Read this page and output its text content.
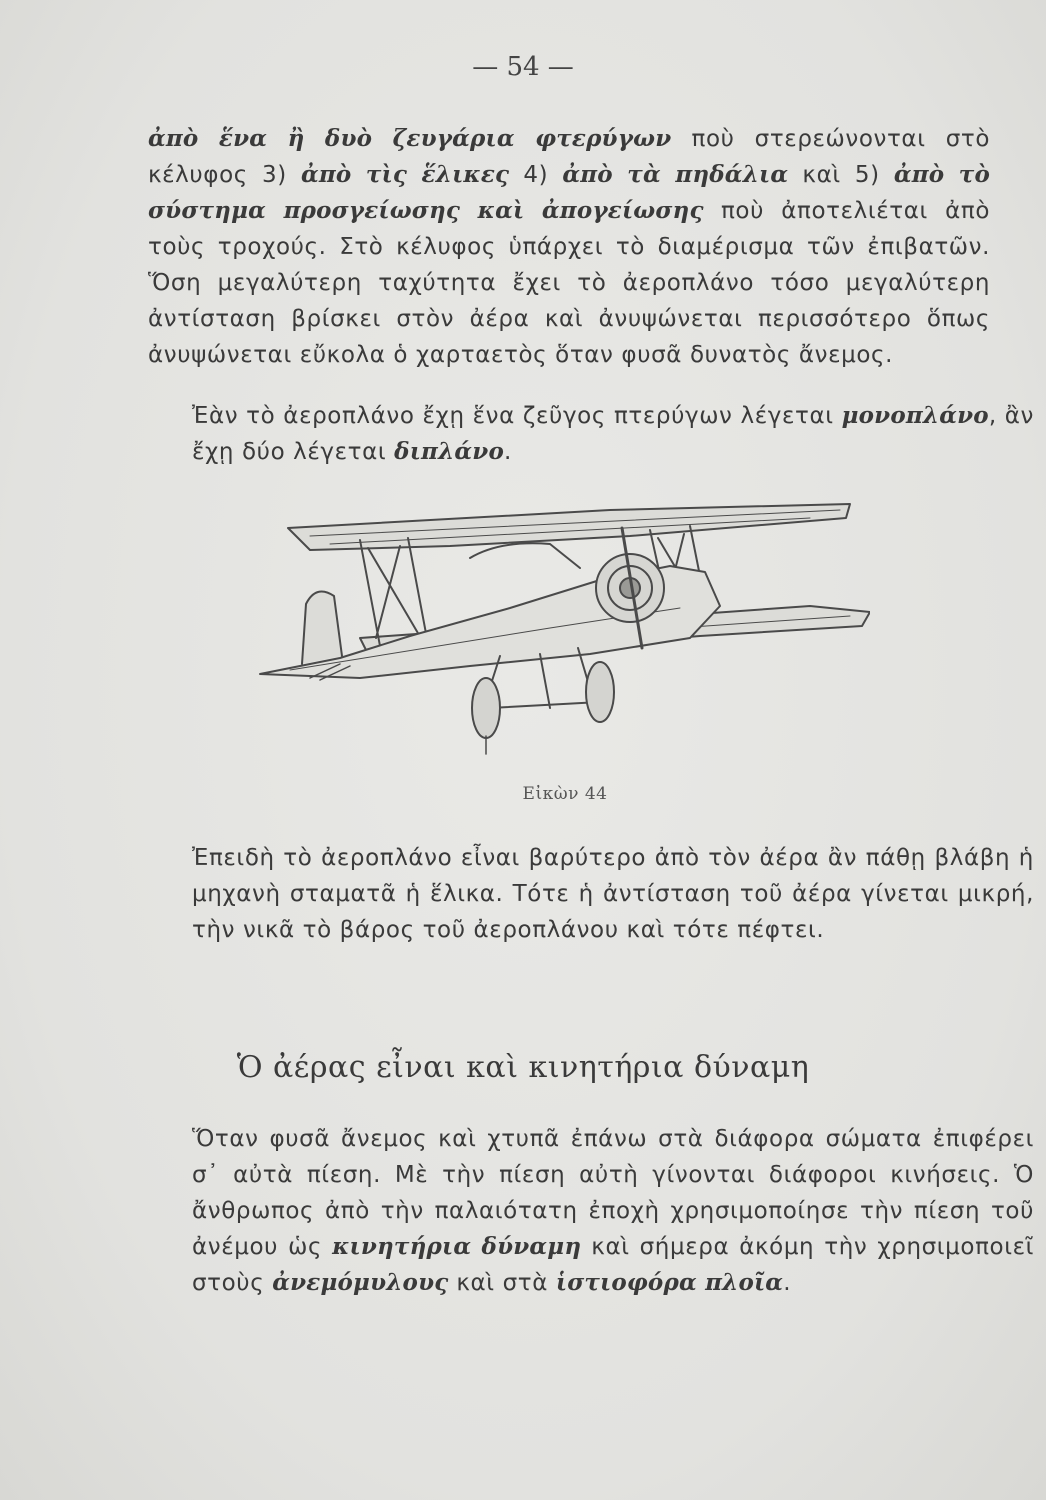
— 54 —

ἀπὸ ἕνα ἢ δυὸ ζευγάρια φτερύγων ποὺ στερεώνονται στὸ κέλυφος 3) ἀπὸ τὶς ἕλικες 4) ἀπὸ τὰ πηδάλια καὶ 5) ἀπὸ τὸ σύστημα προσγείωσης καὶ ἀπογείωσης ποὺ ἀποτελιέται ἀπὸ τοὺς τροχούς. Στὸ κέλυφος ὑπάρχει τὸ διαμέρισμα τῶν ἐπιβατῶν. Ὅση μεγαλύτερη ταχύτητα ἔχει τὸ ἀεροπλάνο τόσο μεγαλύτερη ἀντίσταση βρίσκει στὸν ἀέρα καὶ ἀνυψώνεται περισσότερο ὅπως ἀνυψώνεται εὔκολα ὁ χαρταετὸς ὅταν φυσᾶ δυνατὸς ἄνεμος.

Ἐὰν τὸ ἀεροπλάνο ἔχῃ ἕνα ζεῦγος πτερύγων λέγεται μονοπλάνο, ἂν ἔχῃ δύο λέγεται διπλάνο.

Εἰκὼν 44

Ἐπειδὴ τὸ ἀεροπλάνο εἶναι βαρύτερο ἀπὸ τὸν ἀέρα ἂν πάθῃ βλάβη ἡ μηχανὴ σταματᾶ ἡ ἕλικα. Τότε ἡ ἀντίσταση τοῦ ἀέρα γίνεται μικρή, τὴν νικᾶ τὸ βάρος τοῦ ἀεροπλάνου καὶ τότε πέφτει.

Ὁ ἀέρας εἶναι καὶ κινητήρια δύναμη

Ὅταν φυσᾶ ἄνεμος καὶ χτυπᾶ ἐπάνω στὰ διάφορα σώματα ἐπιφέρει σ᾽ αὐτὰ πίεση. Μὲ τὴν πίεση αὐτὴ γίνονται διάφοροι κινήσεις. Ὁ ἄνθρωπος ἀπὸ τὴν παλαιότατη ἐποχὴ χρησιμοποίησε τὴν πίεση τοῦ ἀνέμου ὡς κινητήρια δύναμη καὶ σήμερα ἀκόμη τὴν χρησιμοποιεῖ στοὺς ἀνεμόμυλους καὶ στὰ ἱστιοφόρα πλοῖα.
